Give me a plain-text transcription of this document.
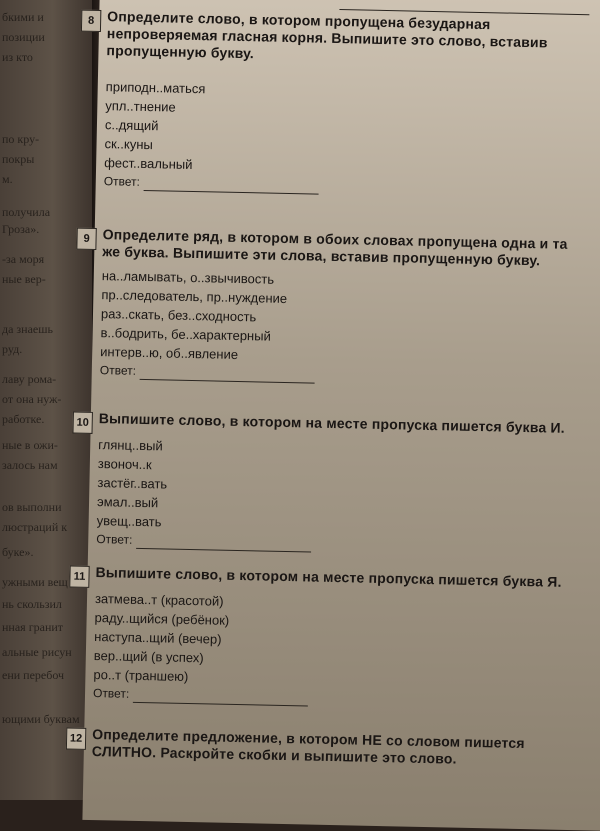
бкими и
позиции
из кто
по кру-
покры
м.
получила
Гроза».
-за моря
ные вер-
да знаешь
руд.
лаву рома-
от она нуж-
работке.
ные в ожи-
залось нам
ов выполни
люстраций к
буке».
ужными вещ
нь скользил
нная гранит
альные рисун
ени перебоч
ющими буквам
8 Определите слово, в котором пропущена безударная непроверяемая гласная корня. Выпишите это слово, вставив пропущенную букву.
приподн..маться
упл..тнение
с..дящий
ск..куны
фест..вальный
Ответ:
9 Определите ряд, в котором в обоих словах пропущена одна и та же буква. Выпишите эти слова, вставив пропущенную букву.
на..ламывать, о..звычивость
пр..следователь, пр..нуждение
раз..скать, без..сходность
в..бодрить, бе..характерный
интерв..ю, об..явление
Ответ:
10 Выпишите слово, в котором на месте пропуска пишется буква И.
глянц..вый
звоноч..к
застёг..вать
эмал..вый
увещ..вать
Ответ:
11 Выпишите слово, в котором на месте пропуска пишется буква Я.
затмева..т (красотой)
раду..щийся (ребёнок)
наступа..щий (вечер)
вер..щий (в успех)
ро..т (траншею)
Ответ:
12 Определите предложение, в котором НЕ со словом пишется СЛИТНО. Раскройте скобки и выпишите это слово.
